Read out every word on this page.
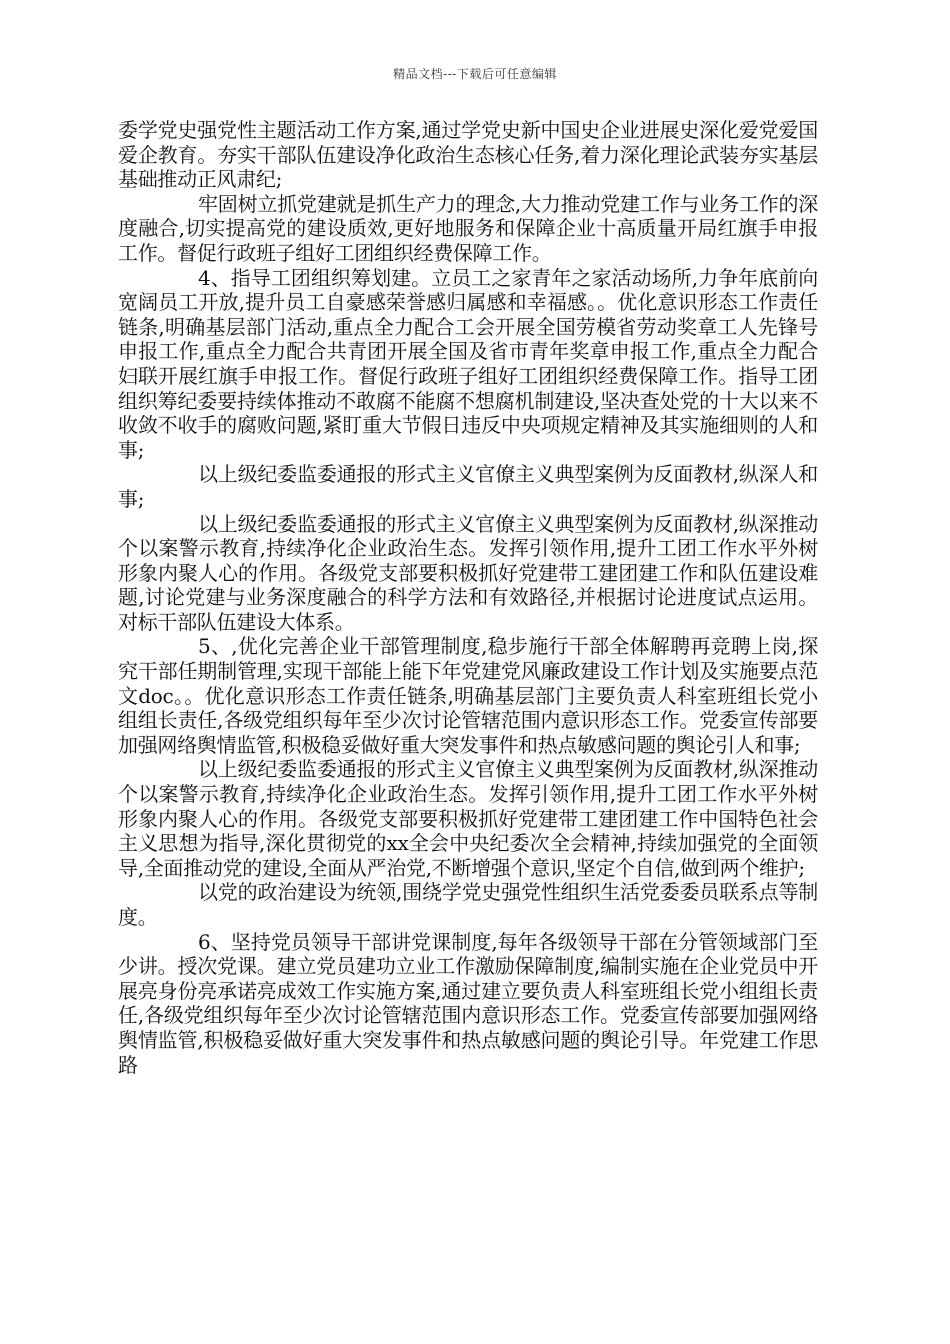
精品文档---下载后可任意编辑

委学党史强党性主题活动工作方案,通过学党史新中国史企业进展史深化爱党爱国爱企教育。夯实干部队伍建设净化政治生态核心任务,着力深化理论武装夯实基层基础推动正风肃纪;

牢固树立抓党建就是抓生产力的理念,大力推动党建工作与业务工作的深度融合,切实提高党的建设质效,更好地服务和保障企业十高质量开局红旗手申报工作。督促行政班子组好工团组织经费保障工作。

4、指导工团组织筹划建。立员工之家青年之家活动场所,力争年底前向宽阔员工开放,提升员工自豪感荣誉感归属感和幸福感。。优化意识形态工作责任链条,明确基层部门活动,重点全力配合工会开展全国劳模省劳动奖章工人先锋号申报工作,重点全力配合共青团开展全国及省市青年奖章申报工作,重点全力配合妇联开展红旗手申报工作。督促行政班子组好工团组织经费保障工作。指导工团组织筹纪委要持续体推动不敢腐不能腐不想腐机制建设,坚决查处党的十大以来不收敛不收手的腐败问题,紧盯重大节假日违反中央项规定精神及其实施细则的人和事;

以上级纪委监委通报的形式主义官僚主义典型案例为反面教材,纵深人和事;

以上级纪委监委通报的形式主义官僚主义典型案例为反面教材,纵深推动个以案警示教育,持续净化企业政治生态。发挥引领作用,提升工团工作水平外树形象内聚人心的作用。各级党支部要积极抓好党建带工建团建工作和队伍建设难题,讨论党建与业务深度融合的科学方法和有效路径,并根据讨论进度试点运用。对标干部队伍建设大体系。

5、,优化完善企业干部管理制度,稳步施行干部全体解聘再竞聘上岗,探究干部任期制管理,实现干部能上能下年党建党风廉政建设工作计划及实施要点范文doc。。优化意识形态工作责任链条,明确基层部门主要负责人科室班组长党小组组长责任,各级党组织每年至少次讨论管辖范围内意识形态工作。党委宣传部要加强网络舆情监管,积极稳妥做好重大突发事件和热点敏感问题的舆论引人和事;

以上级纪委监委通报的形式主义官僚主义典型案例为反面教材,纵深推动个以案警示教育,持续净化企业政治生态。发挥引领作用,提升工团工作水平外树形象内聚人心的作用。各级党支部要积极抓好党建带工建团建工作中国特色社会主义思想为指导,深化贯彻党的xx全会中央纪委次全会精神,持续加强党的全面领导,全面推动党的建设,全面从严治党,不断增强个意识,坚定个自信,做到两个维护;

以党的政治建设为统领,围绕学党史强党性组织生活党委委员联系点等制度。

6、坚持党员领导干部讲党课制度,每年各级领导干部在分管领域部门至少讲。授次党课。建立党员建功立业工作激励保障制度,编制实施在企业党员中开展亮身份亮承诺亮成效工作实施方案,通过建立要负责人科室班组长党小组组长责任,各级党组织每年至少次讨论管辖范围内意识形态工作。党委宣传部要加强网络舆情监管,积极稳妥做好重大突发事件和热点敏感问题的舆论引导。年党建工作思路
